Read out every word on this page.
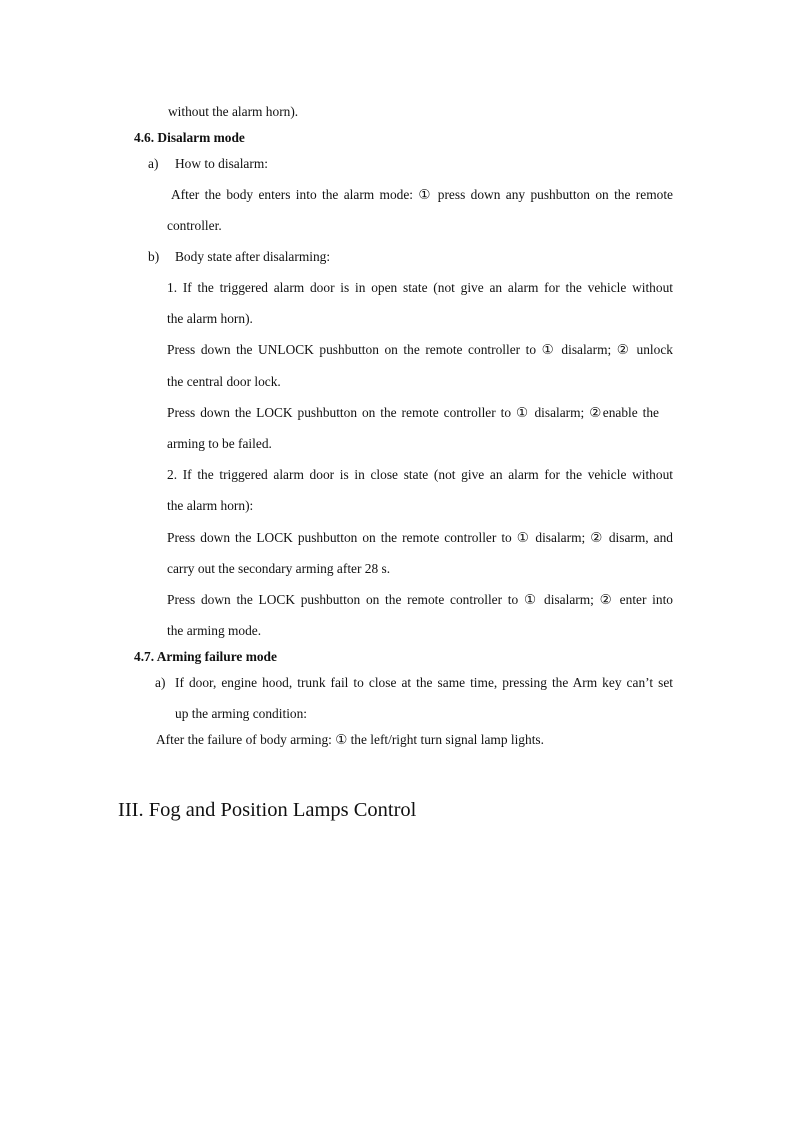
without the alarm horn).
4.6. Disalarm mode
a) How to disalarm:
After the body enters into the alarm mode: ① press down any pushbutton on the remote
controller.
b) Body state after disalarming:
1. If the triggered alarm door is in open state (not give an alarm for the vehicle without
the alarm horn).
Press down the UNLOCK pushbutton on the remote controller to ① disalarm; ② unlock
the central door lock.
Press down the LOCK pushbutton on the remote controller to ① disalarm; ②enable the
arming to be failed.
2. If the triggered alarm door is in close state (not give an alarm for the vehicle without
the alarm horn):
Press down the LOCK pushbutton on the remote controller to ① disalarm; ② disarm, and
carry out the secondary arming after 28 s.
Press down the LOCK pushbutton on the remote controller to ① disalarm; ② enter into
the arming mode.
4.7. Arming failure mode
a) If door, engine hood, trunk fail to close at the same time, pressing the Arm key can’t set
up the arming condition:
After the failure of body arming: ① the left/right turn signal lamp lights.
III. Fog and Position Lamps Control
